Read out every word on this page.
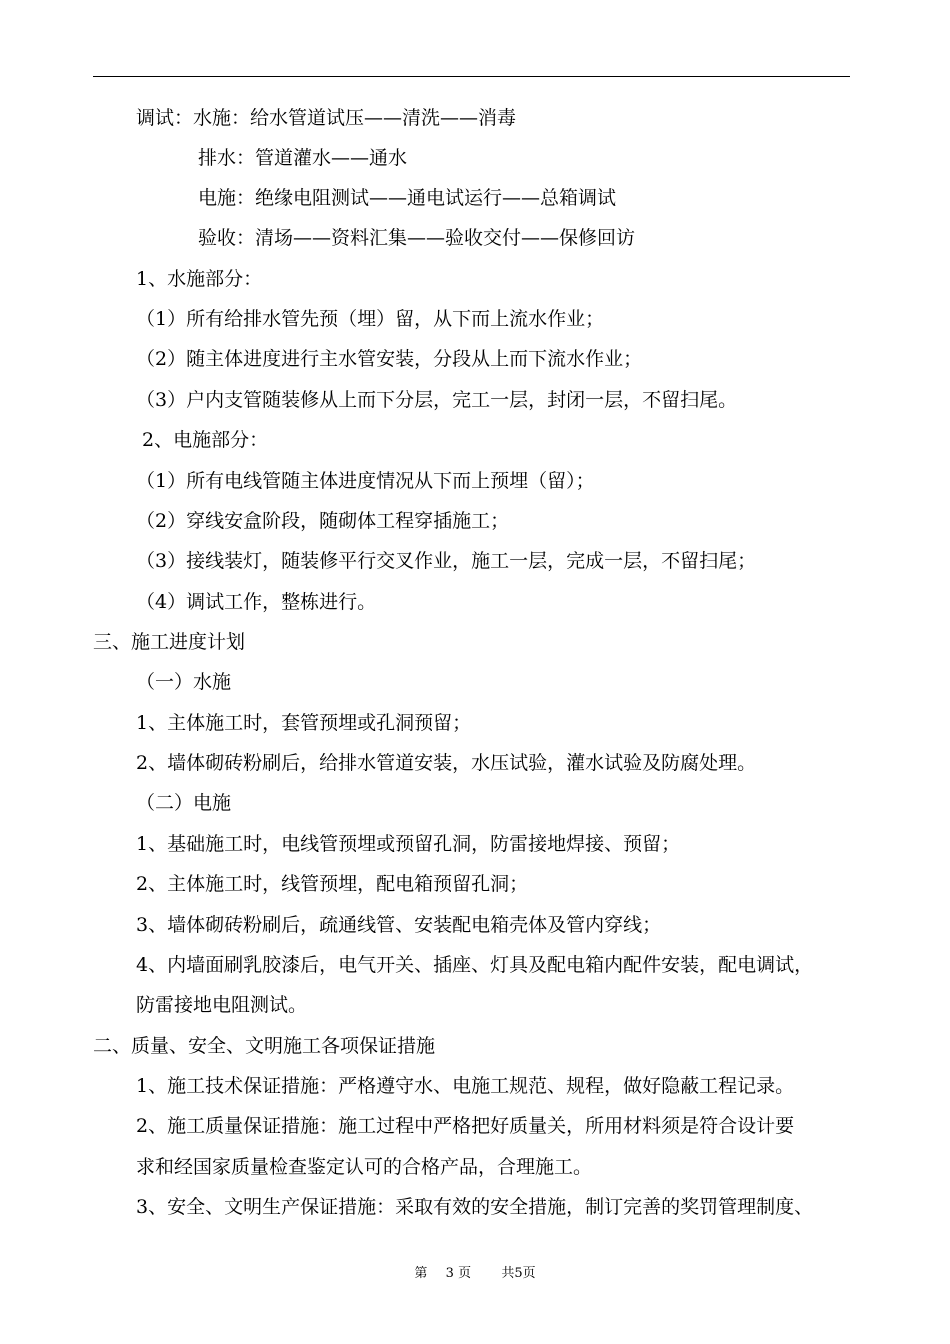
调试：水施：给水管道试压——清洗——消毒
排水：管道灌水——通水
电施：绝缘电阻测试——通电试运行——总箱调试
验收：清场——资料汇集——验收交付——保修回访
1、水施部分：
（1）所有给排水管先预（埋）留，从下而上流水作业；
（2）随主体进度进行主水管安装，分段从上而下流水作业；
（3）户内支管随装修从上而下分层，完工一层，封闭一层，不留扫尾。
2、电施部分：
（1）所有电线管随主体进度情况从下而上预埋（留）；
（2）穿线安盒阶段，随砌体工程穿插施工；
（3）接线装灯，随装修平行交叉作业，施工一层，完成一层，不留扫尾；
（4）调试工作，整栋进行。
三、施工进度计划
（一）水施
1、主体施工时，套管预埋或孔洞预留；
2、墙体砌砖粉刷后，给排水管道安装，水压试验，灌水试验及防腐处理。
（二）电施
1、基础施工时，电线管预埋或预留孔洞，防雷接地焊接、预留；
2、主体施工时，线管预埋，配电箱预留孔洞；
3、墙体砌砖粉刷后，疏通线管、安装配电箱壳体及管内穿线；
4、内墙面刷乳胶漆后，电气开关、插座、灯具及配电箱内配件安装，配电调试，
防雷接地电阻测试。
二、质量、安全、文明施工各项保证措施
1、施工技术保证措施：严格遵守水、电施工规范、规程，做好隐蔽工程记录。
2、施工质量保证措施：施工过程中严格把好质量关，所用材料须是符合设计要
求和经国家质量检查鉴定认可的合格产品，合理施工。
3、安全、文明生产保证措施：采取有效的安全措施，制订完善的奖罚管理制度、
第 3 页 共5页
